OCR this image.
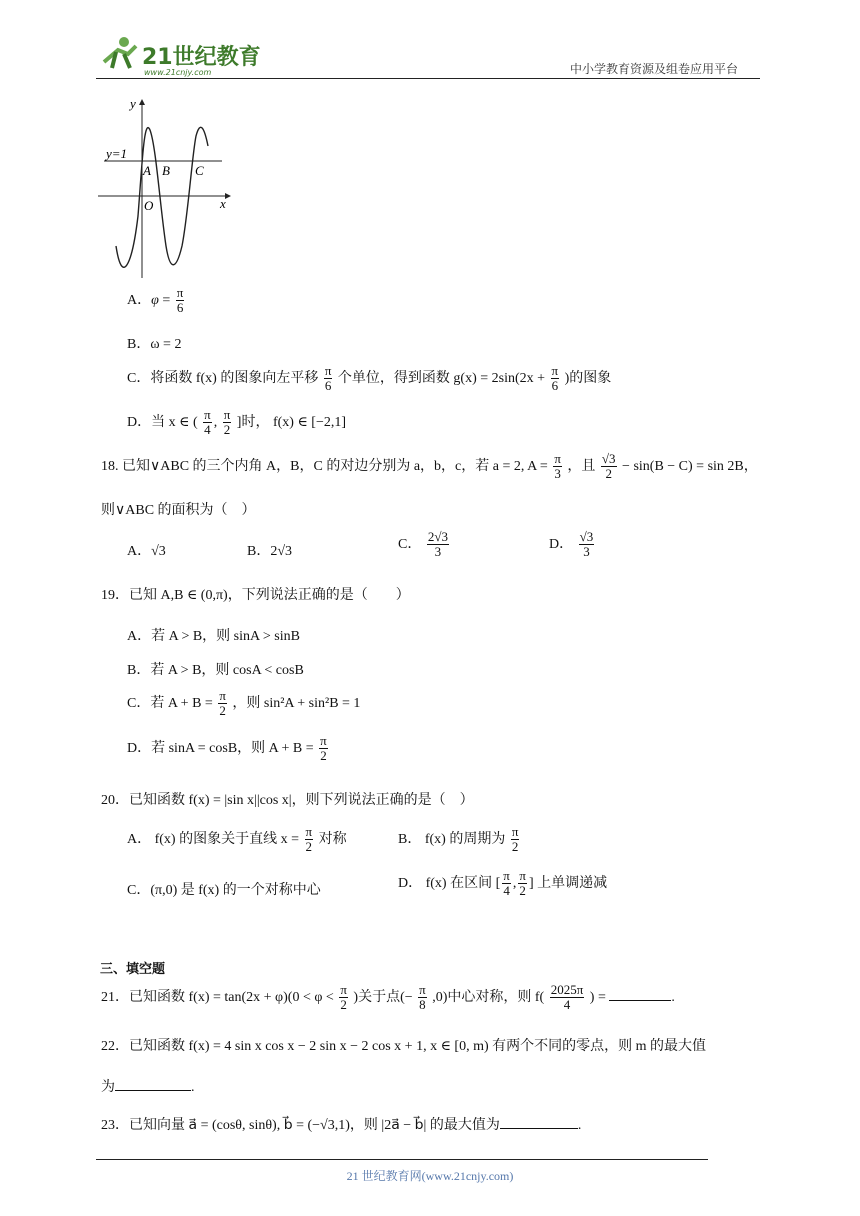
21世纪教育
www.21cnjy.com	中小学教育资源及组卷应用平台
y
x
y=1
O
A B C
A．$\varphi = \frac{\pi}{6}$
B．ω = 2
C．将函数 f(x) 的图象向左平移 $\frac{\pi}{6}$ 个单位，得到函数 $g(x) = 2\sin(2x + \frac{\pi}{6}$ )的图象
D．当 x ∈ ( $\frac{\pi}{4}$ , $\frac{\pi}{2}$ ]时， f(x) ∈ [−2,1]
18. 已知∨ABC 的三个内角 A，B，C 的对边分别为 a，b，c，若 a = 2, $A = \frac{\pi}{3}$ ，且 $\frac{√3}{2} - \sin(B - C) = \sin 2B$，
则∨ABC 的面积为（　）
A．√3	B．2√3	C． $\frac{2√3}{3}$	D． $\frac{√3}{3}$
19．已知 A,B ∈ (0,π)，下列说法正确的是（　　）
A．若 A > B，则 sinA > sinB
B．若 A > B，则 cosA < cosB
C．若 $A + B = \frac{\pi}{2}$ ，则 sin²A + sin²B = 1
D．若 sinA = cosB，则 $A + B = \frac{\pi}{2}$
20．已知函数 f(x) = |sin x||cos x|，则下列说法正确的是（　）
A． f(x) 的图象关于直线 $x = \frac{\pi}{2}$ 对称	B． f(x) 的周期为 $\frac{\pi}{2}$
C．(π,0) 是 f(x) 的一个对称中心	D． f(x) 在区间 [ $\frac{\pi}{4}$ , $\frac{\pi}{2}$ ] 上单调递减
三、填空题
21．已知函数 $f(x) = \tan(2x + \varphi)(0 < \varphi < \frac{\pi}{2}$ )关于点(− $\frac{\pi}{8} ,0$)中心对称，则 $f( \frac{2025\pi}{4}$ ) =	.
22．已知函数 f(x) = 4 sin x cos x − 2 sin x − 2 cos x + 1, x ∈ [0, m) 有两个不同的零点，则 m 的最大值
为	.
23．已知向量 a⃗ = (cosθ, sinθ), b⃗ = (−√3,1)，则 |2a⃗ − b⃗| 的最大值为	.
21 世纪教育网(www.21cnjy.com)
